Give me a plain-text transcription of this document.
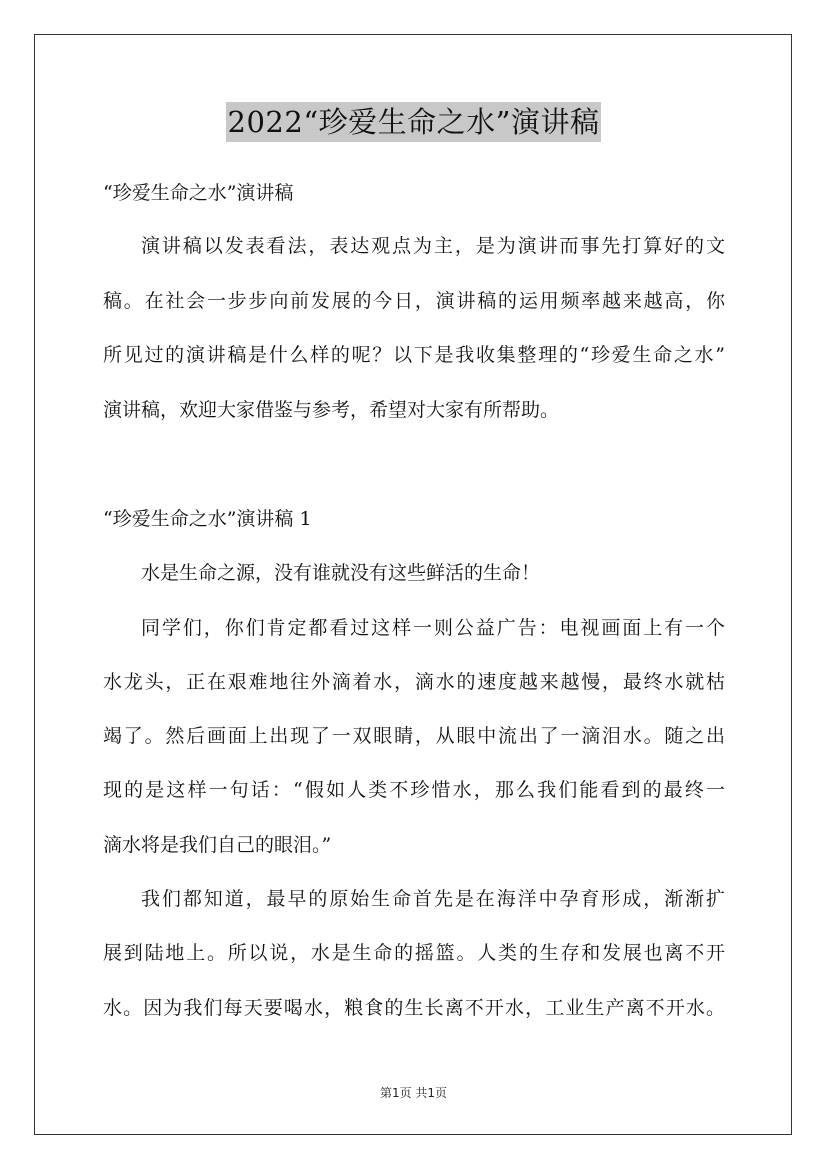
2022“珍爱生命之水”演讲稿
“珍爱生命之水”演讲稿
演讲稿以发表看法，表达观点为主，是为演讲而事先打算好的文
稿。在社会一步步向前发展的今日，演讲稿的运用频率越来越高，你
所见过的演讲稿是什么样的呢？以下是我收集整理的“珍爱生命之水”
演讲稿，欢迎大家借鉴与参考，希望对大家有所帮助。
“珍爱生命之水”演讲稿 1
水是生命之源，没有谁就没有这些鲜活的生命！
同学们，你们肯定都看过这样一则公益广告：电视画面上有一个
水龙头，正在艰难地往外滴着水，滴水的速度越来越慢，最终水就枯
竭了。然后画面上出现了一双眼睛，从眼中流出了一滴泪水。随之出
现的是这样一句话：“假如人类不珍惜水，那么我们能看到的最终一
滴水将是我们自己的眼泪。”
我们都知道，最早的原始生命首先是在海洋中孕育形成，渐渐扩
展到陆地上。所以说，水是生命的摇篮。人类的生存和发展也离不开
水。因为我们每天要喝水，粮食的生长离不开水，工业生产离不开水。
第1页 共1页
